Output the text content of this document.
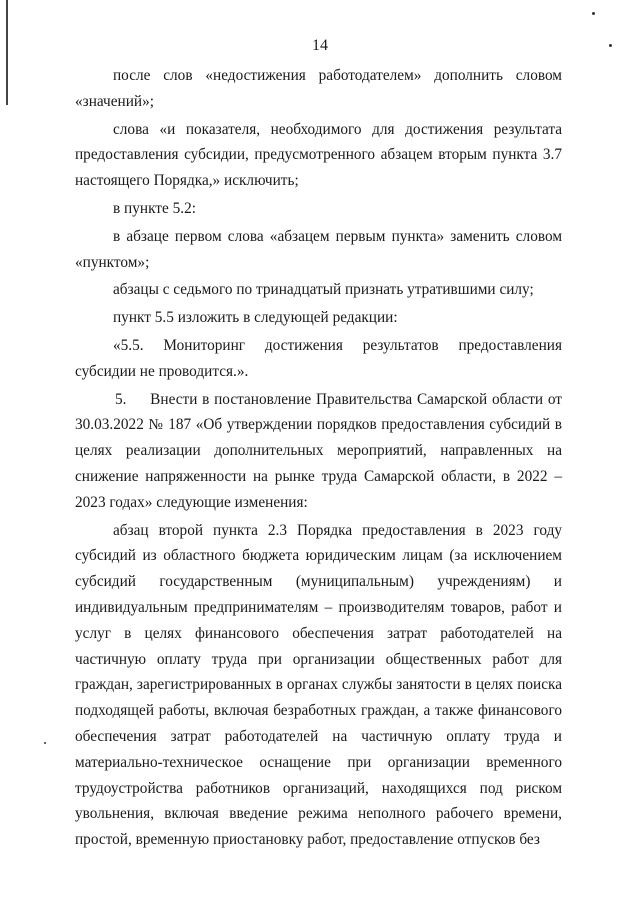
14

после слов «недостижения работодателем» дополнить словом «значений»;

слова «и показателя, необходимого для достижения результата предоставления субсидии, предусмотренного абзацем вторым пункта 3.7 настоящего Порядка,» исключить;

в пункте 5.2:

в абзаце первом слова «абзацем первым пункта» заменить словом «пунктом»;

абзацы с седьмого по тринадцатый признать утратившими силу;

пункт 5.5 изложить в следующей редакции:

«5.5. Мониторинг достижения результатов предоставления субсидии не проводится.».

5.     Внести в постановление Правительства Самарской области от 30.03.2022 № 187 «Об утверждении порядков предоставления субсидий в целях реализации дополнительных мероприятий, направленных на снижение напряженности на рынке труда Самарской области, в 2022 – 2023 годах» следующие изменения:

абзац второй пункта 2.3 Порядка предоставления в 2023 году субсидий из областного бюджета юридическим лицам (за исключением субсидий государственным (муниципальным) учреждениям) и индивидуальным предпринимателям – производителям товаров, работ и услуг в целях финансового обеспечения затрат работодателей на частичную оплату труда при организации общественных работ для граждан, зарегистрированных в органах службы занятости в целях поиска подходящей работы, включая безработных граждан, а также финансового обеспечения затрат работодателей на частичную оплату труда и материально-техническое оснащение при организации временного трудоустройства работников организаций, находящихся под риском увольнения, включая введение режима неполного рабочего времени, простой, временную приостановку работ, предоставление отпусков без
